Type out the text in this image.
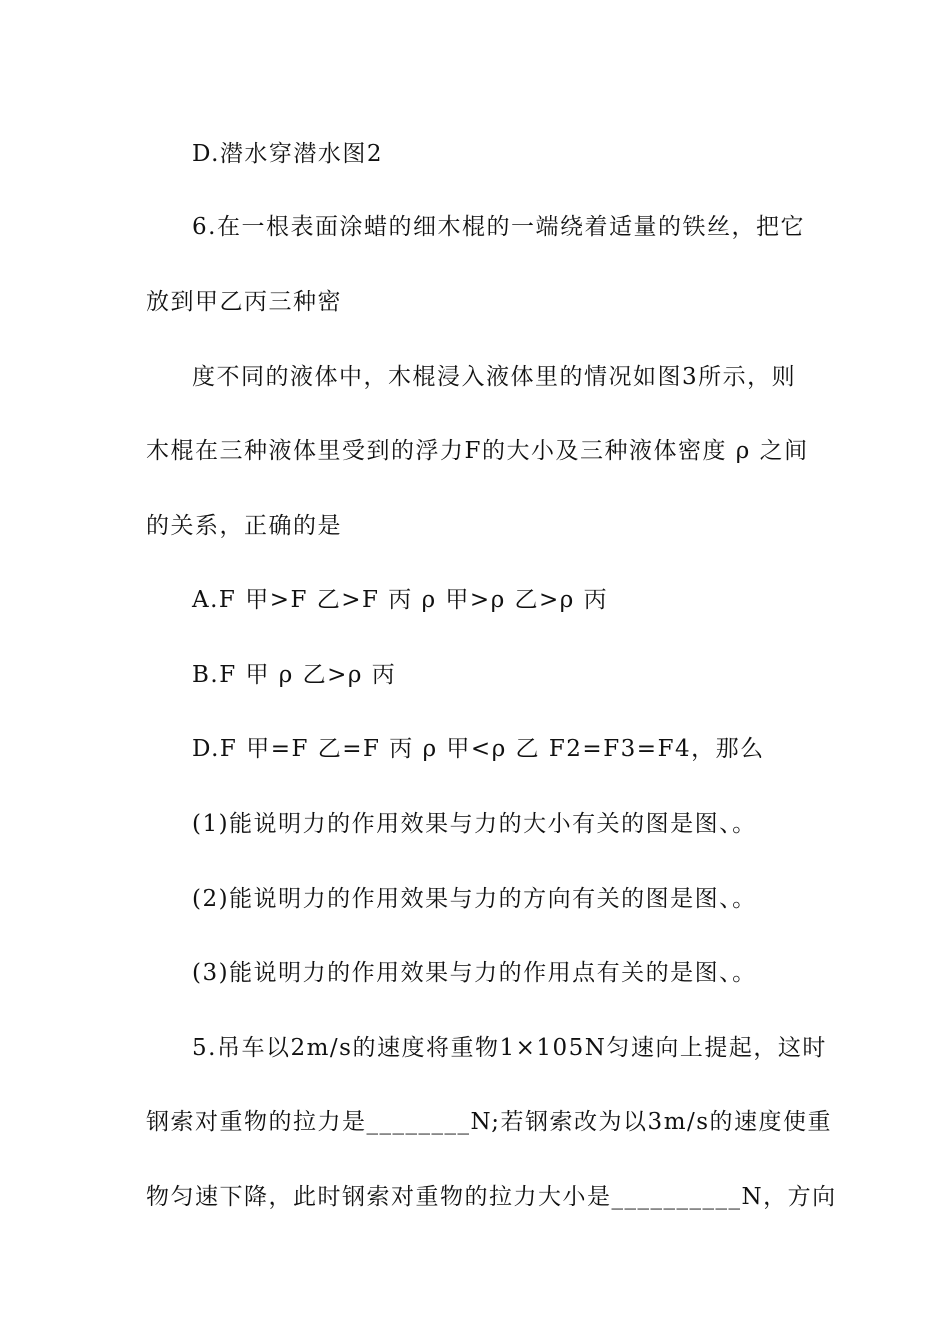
D.潜水穿潜水图2
6.在一根表面涂蜡的细木棍的一端绕着适量的铁丝，把它
放到甲乙丙三种密
度不同的液体中，木棍浸入液体里的情况如图3所示，则
木棍在三种液体里受到的浮力F的大小及三种液体密度 ρ 之间
的关系，正确的是
A.F 甲>F 乙>F 丙 ρ 甲>ρ 乙>ρ 丙
B.F 甲 ρ 乙>ρ 丙
D.F 甲=F 乙=F 丙 ρ 甲<ρ 乙 F2=F3=F4，那么
(1)能说明力的作用效果与力的大小有关的图是图、。
(2)能说明力的作用效果与力的方向有关的图是图、。
(3)能说明力的作用效果与力的作用点有关的是图、。
5.吊车以2m/s的速度将重物1×105N匀速向上提起，这时
钢索对重物的拉力是________N;若钢索改为以3m/s的速度使重
物匀速下降，此时钢索对重物的拉力大小是__________N，方向
